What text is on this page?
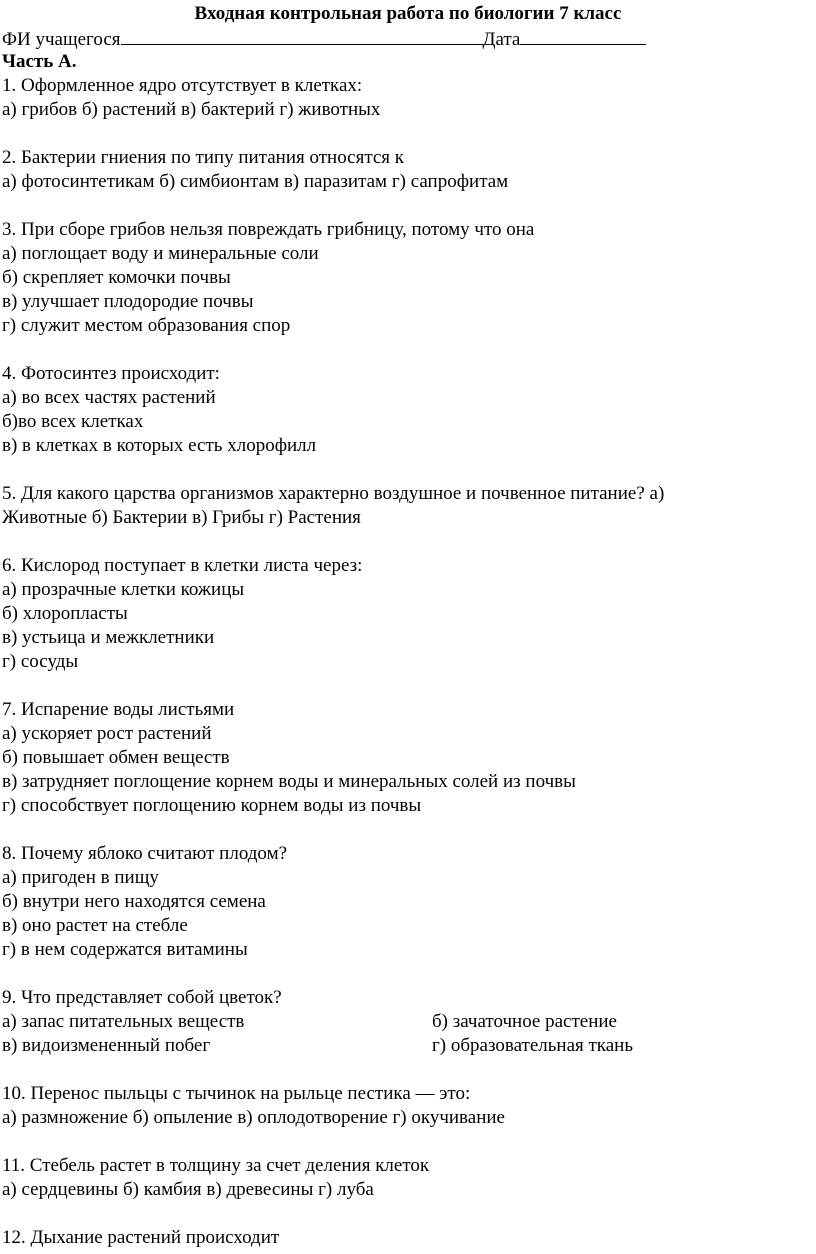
Входная контрольная работа по биологии 7 класс
ФИ учащегося	Дата
Часть А.
1. Оформленное ядро отсутствует в клетках:
а) грибов б) растений в) бактерий г) животных
2. Бактерии гниения по типу питания относятся к
а) фотосинтетикам б) симбионтам в) паразитам г) сапрофитам
3. При сборе грибов нельзя повреждать грибницу, потому что она
а) поглощает воду и минеральные соли
б) скрепляет комочки почвы
в) улучшает плодородие почвы
г) служит местом образования спор
4. Фотосинтез происходит:
а) во всех частях растений
б)во всех клетках
в) в клетках в которых есть хлорофилл
5. Для какого царства организмов характерно воздушное и почвенное питание? а)
Животные б) Бактерии в) Грибы г) Растения
6. Кислород поступает в клетки листа через:
а) прозрачные клетки кожицы
б) хлоропласты
в) устьица и межклетники
г) сосуды
7. Испарение воды листьями
а) ускоряет рост растений
б) повышает обмен веществ
в) затрудняет поглощение корнем воды и минеральных солей из почвы
г) способствует поглощению корнем воды из почвы
8. Почему яблоко считают плодом?
а) пригоден в пищу
б) внутри него находятся семена
в) оно растет на стебле
г) в нем содержатся витамины
9. Что представляет собой цветок?
а) запас питательных веществ	б) зачаточное растение
в) видоизмененный побег	г) образовательная ткань
10. Перенос пыльцы с тычинок на рыльце пестика — это:
а) размножение б) опыление в) оплодотворение г) окучивание
11. Стебель растет в толщину за счет деления клеток
а) сердцевины б) камбия в) древесины г) луба
12. Дыхание растений происходит
